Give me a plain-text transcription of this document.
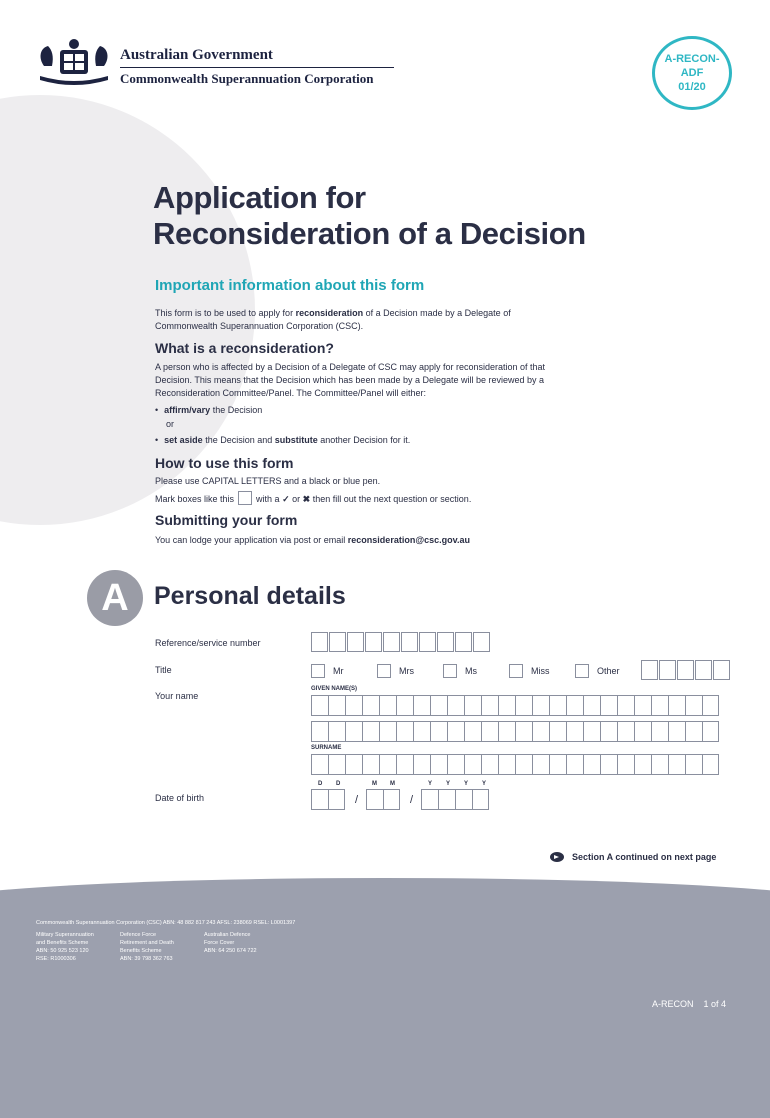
Australian Government
Commonwealth Superannuation Corporation
A-RECON-
ADF
01/20
Application for
Reconsideration of a Decision
Important information about this form
This form is to be used to apply for reconsideration of a Decision made by a Delegate of
Commonwealth Superannuation Corporation (CSC).
What is a reconsideration?
A person who is affected by a Decision of a Delegate of CSC may apply for reconsideration of that
Decision. This means that the Decision which has been made by a Delegate will be reviewed by a
Reconsideration Committee/Panel. The Committee/Panel will either:
• affirm/vary the Decision
or
• set aside the Decision and substitute another Decision for it.
How to use this form
Please use CAPITAL LETTERS and a black or blue pen.
Mark boxes like this with a ✓ or ✖ then fill out the next question or section.
Submitting your form
You can lodge your application via post or email reconsideration@csc.gov.au
A	Personal details
Reference/service number
Title	Mr	Mrs	Ms	Miss	Other
Your name
GIVEN NAME(S)
SURNAME
D D	M M	Y Y Y Y
Date of birth	/	/
Section A continued on next page
Commonwealth Superannuation Corporation (CSC) ABN: 48 882 817 243 AFSL: 238069 RSEL: L0001397
Military Superannuation
and Benefits Scheme
ABN: 50 925 523 120
RSE: R1000306
Defence Force
Retirement and Death
Benefits Scheme
ABN: 39 798 362 763
Australian Defence
Force Cover
ABN: 64 250 674 722
A-RECON 1 of 4
